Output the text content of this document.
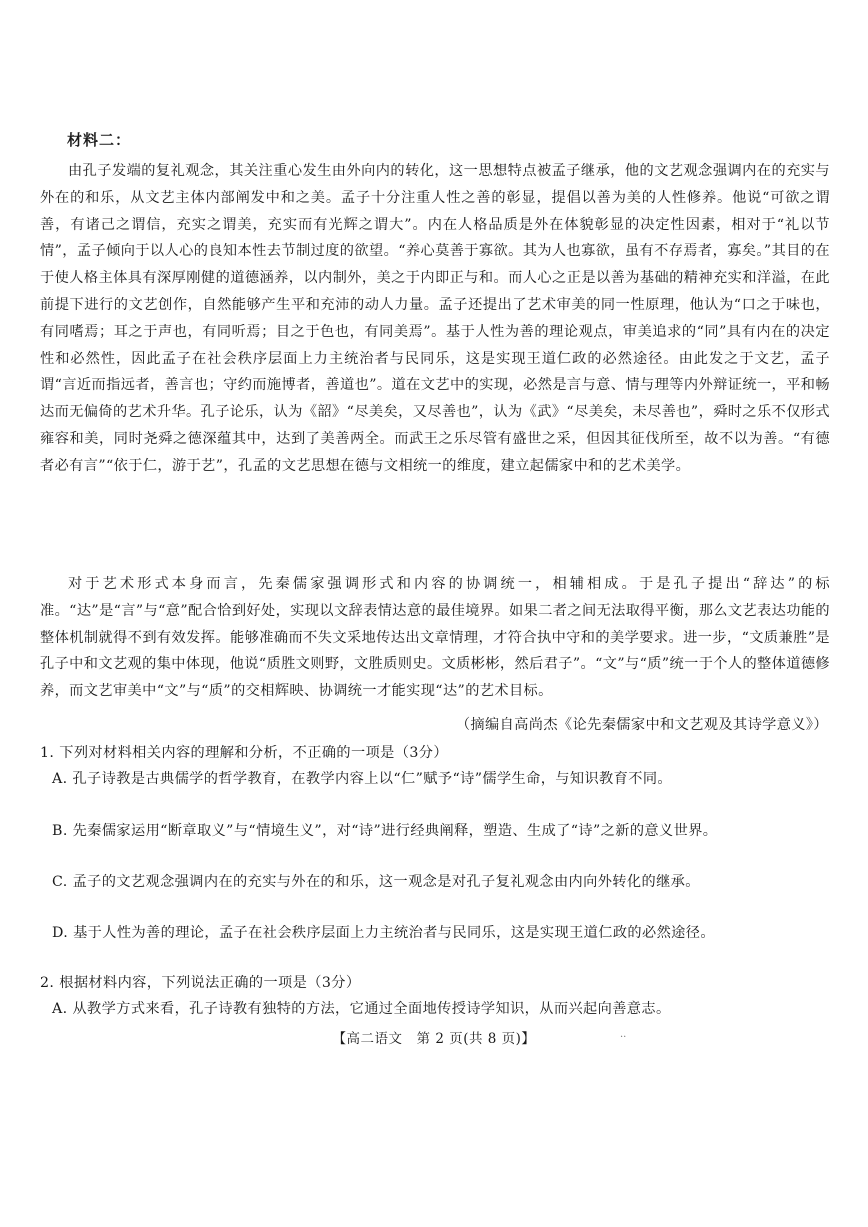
材料二：
由孔子发端的复礼观念，其关注重心发生由外向内的转化，这一思想特点被孟子继承，他的文艺观念强调内在的充实与外在的和乐，从文艺主体内部阐发中和之美。孟子十分注重人性之善的彰显，提倡以善为美的人性修养。他说“可欲之谓善，有诸己之谓信，充实之谓美，充实而有光辉之谓大”。内在人格品质是外在体貌彰显的决定性因素，相对于“礼以节情”，孟子倾向于以人心的良知本性去节制过度的欲望。“养心莫善于寡欲。其为人也寡欲，虽有不存焉者，寡矣。”其目的在于使人格主体具有深厚刚健的道德涵养，以内制外，美之于内即正与和。而人心之正是以善为基础的精神充实和洋溢，在此前提下进行的文艺创作，自然能够产生平和充沛的动人力量。孟子还提出了艺术审美的同一性原理，他认为“口之于味也，有同嗜焉；耳之于声也，有同听焉；目之于色也，有同美焉”。基于人性为善的理论观点，审美追求的“同”具有内在的决定性和必然性，因此孟子在社会秩序层面上力主统治者与民同乐，这是实现王道仁政的必然途径。由此发之于文艺，孟子谓“言近而指远者，善言也；守约而施博者，善道也”。道在文艺中的实现，必然是言与意、情与理等内外辩证统一，平和畅达而无偏倚的艺术升华。孔子论乐，认为《韶》“尽美矣，又尽善也”，认为《武》“尽美矣，未尽善也”，舜时之乐不仅形式雍容和美，同时尧舜之德深蕴其中，达到了美善两全。而武王之乐尽管有盛世之采，但因其征伐所至，故不以为善。“有德者必有言”“依于仁，游于艺”，孔孟的文艺思想在德与文相统一的维度，建立起儒家中和的艺术美学。
对于艺术形式本身而言，先秦儒家强调形式和内容的协调统一，相辅相成。于是孔子提出“辞达”的标准。“达”是“言”与“意”配合恰到好处，实现以文辞表情达意的最佳境界。如果二者之间无法取得平衡，那么文艺表达功能的整体机制就得不到有效发挥。能够准确而不失文采地传达出文章情理，才符合执中守和的美学要求。进一步，“文质兼胜”是孔子中和文艺观的集中体现，他说“质胜文则野，文胜质则史。文质彬彬，然后君子”。“文”与“质”统一于个人的整体道德修养，而文艺审美中“文”与“质”的交相辉映、协调统一才能实现“达”的艺术目标。
（摘编自高尚杰《论先秦儒家中和文艺观及其诗学意义》）
1. 下列对材料相关内容的理解和分析，不正确的一项是（3分）
A. 孔子诗教是古典儒学的哲学教育，在教学内容上以“仁”赋予“诗”儒学生命，与知识教育不同。
B. 先秦儒家运用“断章取义”与“情境生义”，对“诗”进行经典阐释，塑造、生成了“诗”之新的意义世界。
C. 孟子的文艺观念强调内在的充实与外在的和乐，这一观念是对孔子复礼观念由内向外转化的继承。
D. 基于人性为善的理论，孟子在社会秩序层面上力主统治者与民同乐，这是实现王道仁政的必然途径。
2. 根据材料内容，下列说法正确的一项是（3分）
A. 从教学方式来看，孔子诗教有独特的方法，它通过全面地传授诗学知识，从而兴起向善意志。
【高二语文　第 2 页(共 8 页)】	..
